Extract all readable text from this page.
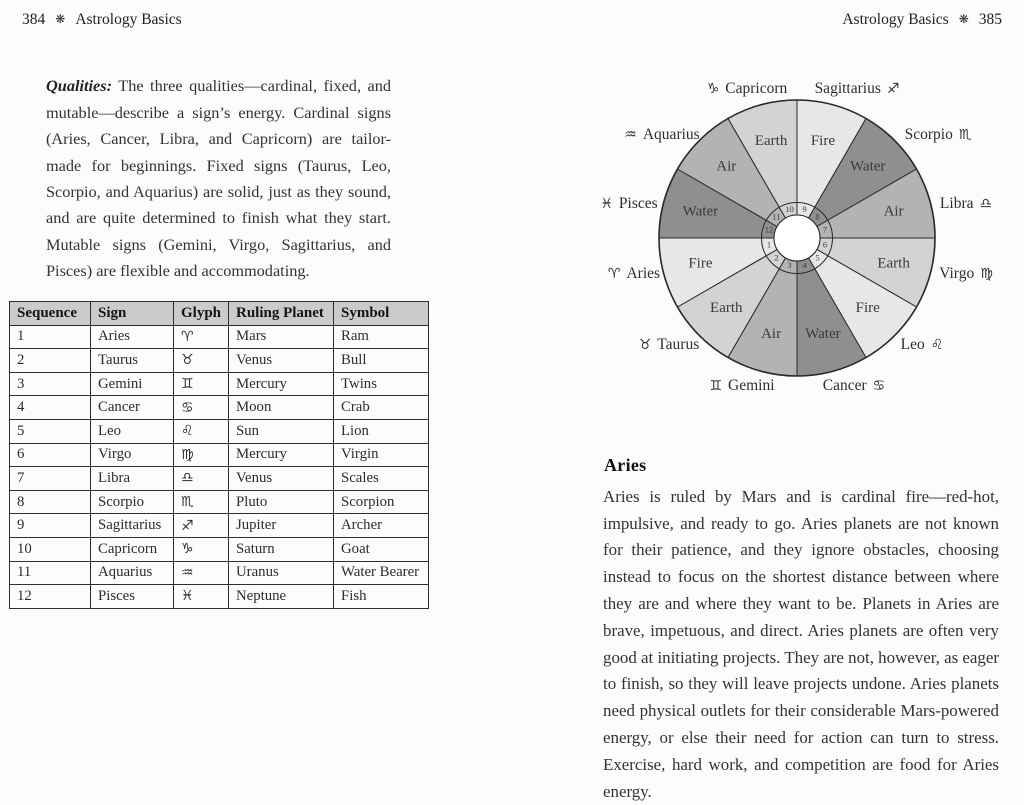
384 ❋ Astrology Basics	Astrology Basics ❋ 385

Qualities: The three qualities—cardinal, fixed, and mutable—describe a sign’s energy. Cardinal signs (Aries, Cancer, Libra, and Capricorn) are tailor-made for beginnings. Fixed signs (Taurus, Leo, Scorpio, and Aquarius) are solid, just as they sound, and are quite determined to finish what they start. Mutable signs (Gemini, Virgo, Sagittarius, and Pisces) are flexible and accommodating.

Sequence	Sign	Glyph	Ruling Planet	Symbol
1	Aries	♈	Mars	Ram
2	Taurus	♉	Venus	Bull
3	Gemini	♊	Mercury	Twins
4	Cancer	♋	Moon	Crab
5	Leo	♌	Sun	Lion
6	Virgo	♍	Mercury	Virgin
7	Libra	♎	Venus	Scales
8	Scorpio	♏	Pluto	Scorpion
9	Sagittarius	♐	Jupiter	Archer
10	Capricorn	♑	Saturn	Goat
11	Aquarius	♒	Uranus	Water Bearer
12	Pisces	♓	Neptune	Fish
Fire
9
Water
8	Air
7
Earth
6
Fire
5
Water
4
Air
3
Earth
2
Fire
1
Water
12
Air
11
Earth
10
Sagittarius ♐
Scorpio ♏
Libra ♎
Virgo ♍
Leo ♌
Cancer ♋
♊ Gemini
♉ Taurus
♈ Aries
♓ Pisces
♒ Aquarius
♑ Capricorn
Aries

Aries is ruled by Mars and is cardinal fire—red-hot, impulsive, and ready to go. Aries planets are not known for their patience, and they ignore obstacles, choosing instead to focus on the shortest distance between where they are and where they want to be. Planets in Aries are brave, impetuous, and direct. Aries planets are often very good at initiating projects. They are not, however, as eager to finish, so they will leave projects undone. Aries planets need physical outlets for their considerable Mars-powered energy, or else their need for action can turn to stress. Exercise, hard work, and competition are food for Aries energy.
